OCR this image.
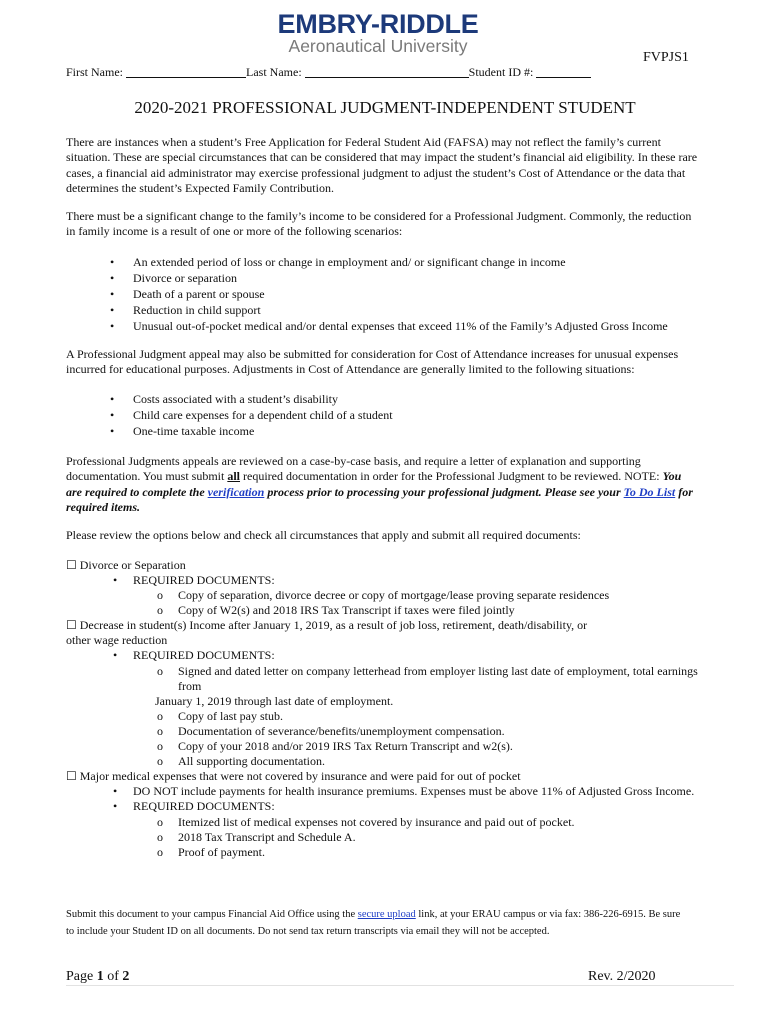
EMBRY-RIDDLE
Aeronautical University
FVPJS1
First Name:	Last Name:	Student ID #:
2020-2021 PROFESSIONAL JUDGMENT-INDEPENDENT STUDENT
There are instances when a student’s Free Application for Federal Student Aid (FAFSA) may not reflect the family’s current
situation. These are special circumstances that can be considered that may impact the student’s financial aid eligibility. In these rare
cases, a financial aid administrator may exercise professional judgment to adjust the student’s Cost of Attendance or the data that
determines the student’s Expected Family Contribution.
There must be a significant change to the family’s income to be considered for a Professional Judgment. Commonly, the reduction
in family income is a result of one or more of the following scenarios:
• An extended period of loss or change in employment and/ or significant change in income
• Divorce or separation
• Death of a parent or spouse
• Reduction in child support
• Unusual out-of-pocket medical and/or dental expenses that exceed 11% of the Family’s Adjusted Gross Income
A Professional Judgment appeal may also be submitted for consideration for Cost of Attendance increases for unusual expenses
incurred for educational purposes. Adjustments in Cost of Attendance are generally limited to the following situations:
• Costs associated with a student’s disability
• Child care expenses for a dependent child of a student
• One-time taxable income
Professional Judgments appeals are reviewed on a case-by-case basis, and require a letter of explanation and supporting
documentation. You must submit all required documentation in order for the Professional Judgment to be reviewed. NOTE: You
are required to complete the verification process prior to processing your professional judgment. Please see your To Do List for
required items.
Please review the options below and check all circumstances that apply and submit all required documents:
☐ Divorce or Separation
• REQUIRED DOCUMENTS:
o Copy of separation, divorce decree or copy of mortgage/lease proving separate residences
o Copy of W2(s) and 2018 IRS Tax Transcript if taxes were filed jointly
☐ Decrease in student(s) Income after January 1, 2019, as a result of job loss, retirement, death/disability, or
other wage reduction
• REQUIRED DOCUMENTS:
o Signed and dated letter on company letterhead from employer listing last date of employment, total earnings
from
January 1, 2019 through last date of employment.
o Copy of last pay stub.
o Documentation of severance/benefits/unemployment compensation.
o Copy of your 2018 and/or 2019 IRS Tax Return Transcript and w2(s).
o All supporting documentation.
☐ Major medical expenses that were not covered by insurance and were paid for out of pocket
• DO NOT include payments for health insurance premiums. Expenses must be above 11% of Adjusted Gross Income.
• REQUIRED DOCUMENTS:
o Itemized list of medical expenses not covered by insurance and paid out of pocket.
o 2018 Tax Transcript and Schedule A.
o Proof of payment.
Submit this document to your campus Financial Aid Office using the secure upload link, at your ERAU campus or via fax: 386-226-6915. Be sure
to include your Student ID on all documents. Do not send tax return transcripts via email they will not be accepted.
Page 1 of 2	Rev. 2/2020
